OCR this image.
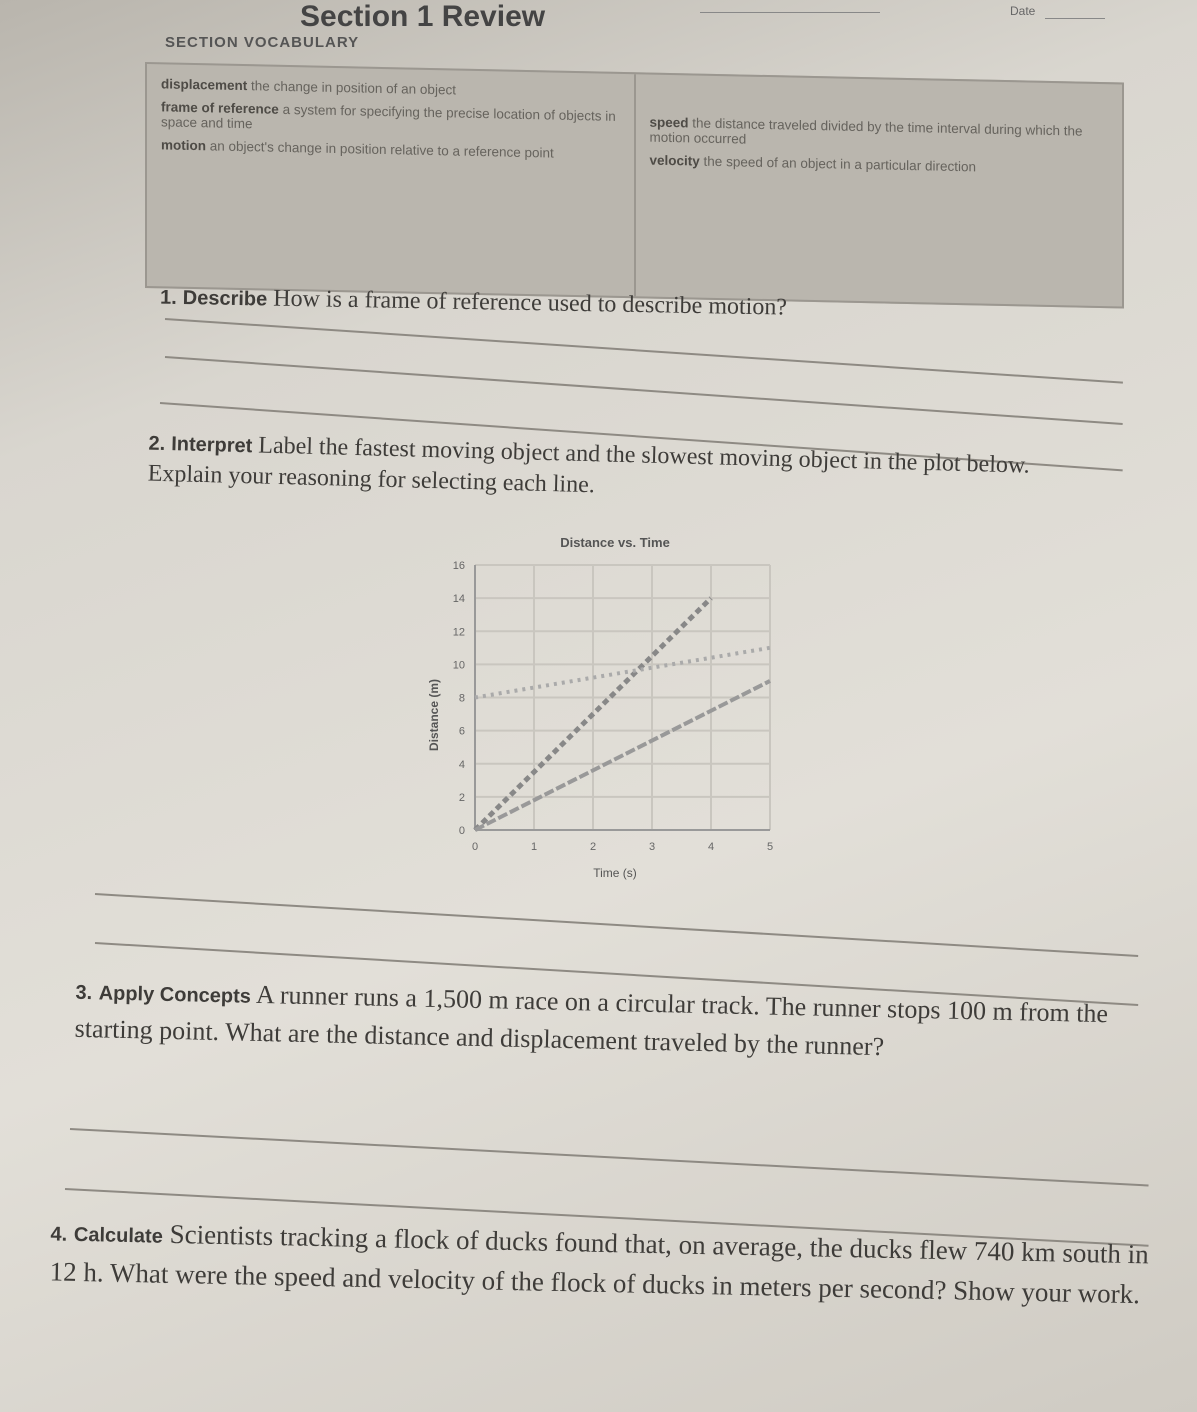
Section 1 Review	Date
SECTION VOCABULARY
displacement the change in position of an object
frame of reference a system for specifying the precise location of objects in space and time
motion an object's change in position relative to a reference point
speed the distance traveled divided by the time interval during which the motion occurred
velocity the speed of an object in a particular direction
1. Describe How is a frame of reference used to describe motion?
2. Interpret Label the fastest moving object and the slowest moving object in the plot below. Explain your reasoning for selecting each line.
Distance vs. Time
Time (s)
Distance (m)
0	1	2	3	4	5
0
2
4
6
8
10
12
14
16
3. Apply Concepts A runner runs a 1,500 m race on a circular track. The runner stops 100 m from the starting point. What are the distance and displacement traveled by the runner?
4. Calculate Scientists tracking a flock of ducks found that, on average, the ducks flew 740 km south in 12 h. What were the speed and velocity of the flock of ducks in meters per second? Show your work.
